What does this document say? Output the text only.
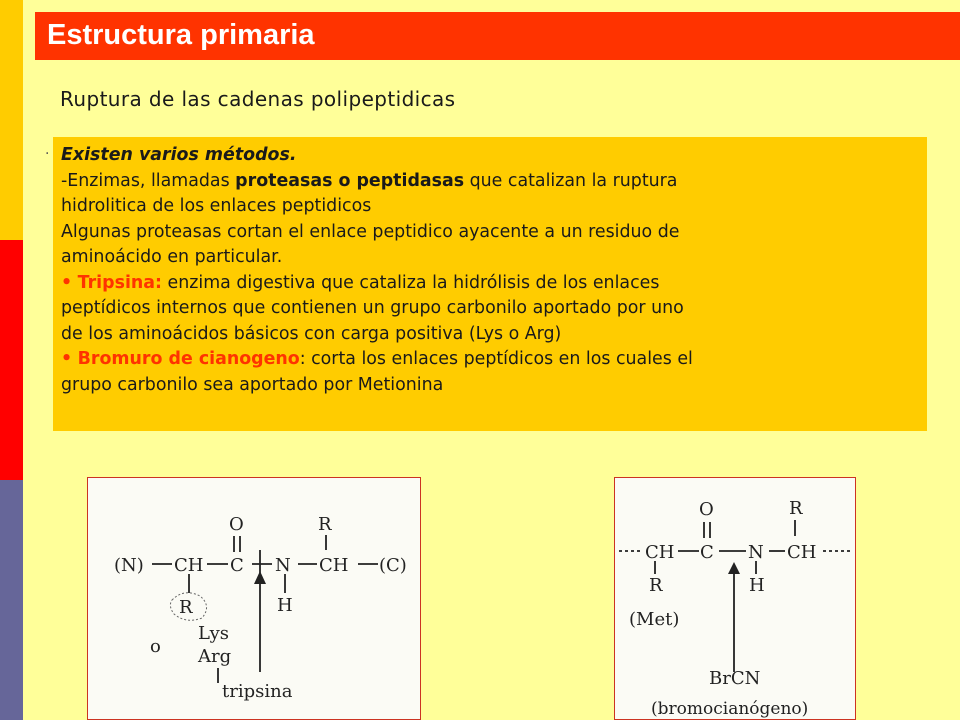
Estructura primaria
Ruptura de las cadenas polipeptidicas
· Existen varios métodos.
-Enzimas, llamadas proteasas o peptidasas que catalizan la ruptura
hidrolitica de los enlaces peptidicos
Algunas proteasas cortan el enlace peptidico ayacente a un residuo de
aminoácido en particular.
• Tripsina: enzima digestiva que cataliza la hidrólisis de los enlaces
peptídicos internos que contienen un grupo carbonilo aportado por uno
de los aminoácidos básicos con carga positiva (Lys o Arg)
• Bromuro de cianogeno: corta los enlaces peptídicos en los cuales el
grupo carbonilo sea aportado por Metionina
O	R
(N) CH C N CH (C)
R	H
Lys
o Arg
tripsina
O	R
CH C N CH
R	H
(Met)
BrCN
(bromocianógeno)
